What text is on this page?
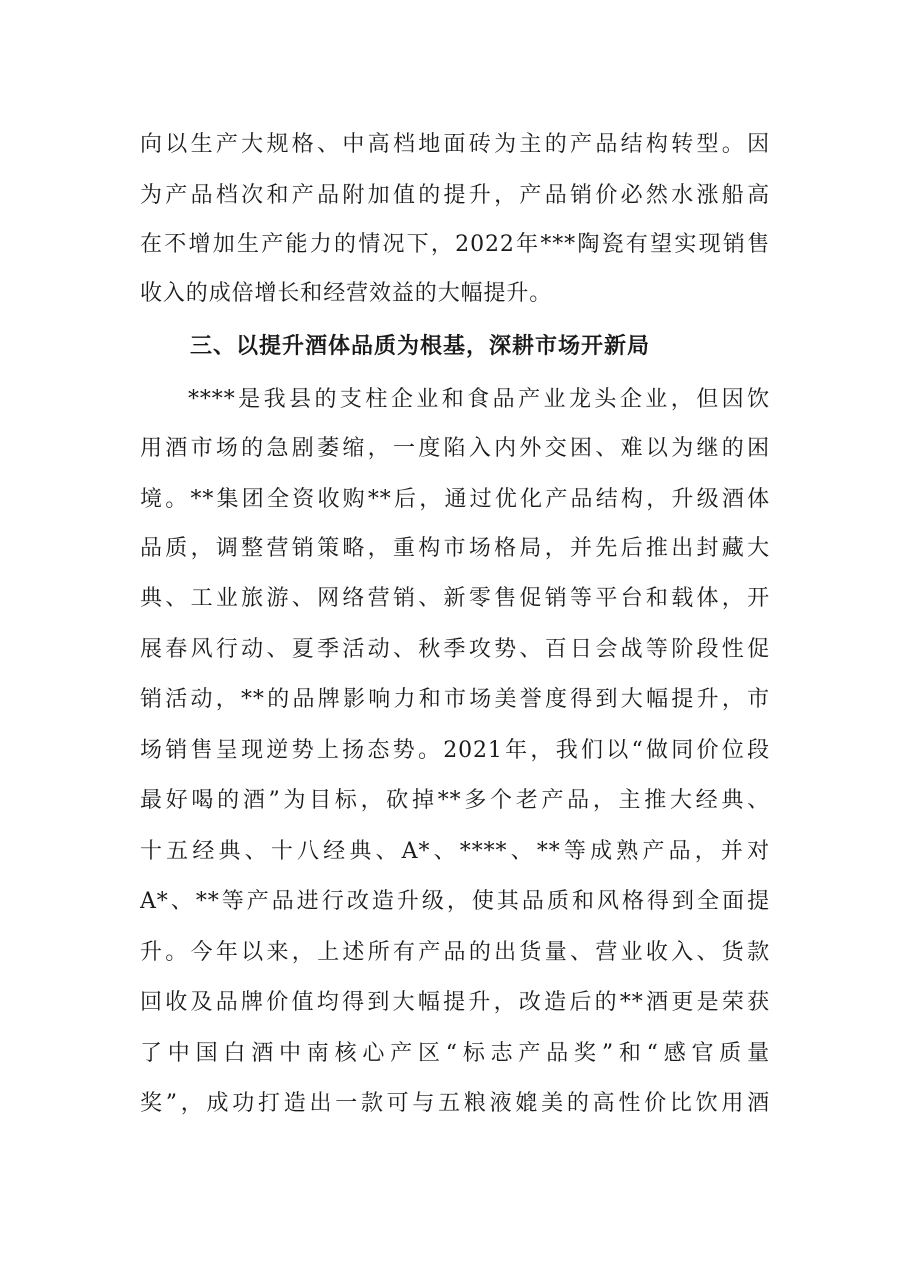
向以生产大规格、中高档地面砖为主的产品结构转型。因
为产品档次和产品附加值的提升，产品销价必然水涨船高
在不增加生产能力的情况下，2022年***陶瓷有望实现销售
收入的成倍增长和经营效益的大幅提升。
三、以提升酒体品质为根基，深耕市场开新局
****是我县的支柱企业和食品产业龙头企业，但因饮
用酒市场的急剧萎缩，一度陷入内外交困、难以为继的困
境。**集团全资收购**后，通过优化产品结构，升级酒体
品质，调整营销策略，重构市场格局，并先后推出封藏大
典、工业旅游、网络营销、新零售促销等平台和载体，开
展春风行动、夏季活动、秋季攻势、百日会战等阶段性促
销活动，**的品牌影响力和市场美誉度得到大幅提升，市
场销售呈现逆势上扬态势。2021年，我们以“做同价位段
最好喝的酒”为目标，砍掉**多个老产品，主推大经典、
十五经典、十八经典、A*、****、**等成熟产品，并对
A*、**等产品进行改造升级，使其品质和风格得到全面提
升。今年以来，上述所有产品的出货量、营业收入、货款
回收及品牌价值均得到大幅提升，改造后的**酒更是荣获
了中国白酒中南核心产区“标志产品奖”和“感官质量
奖”，成功打造出一款可与五粮液媲美的高性价比饮用酒
